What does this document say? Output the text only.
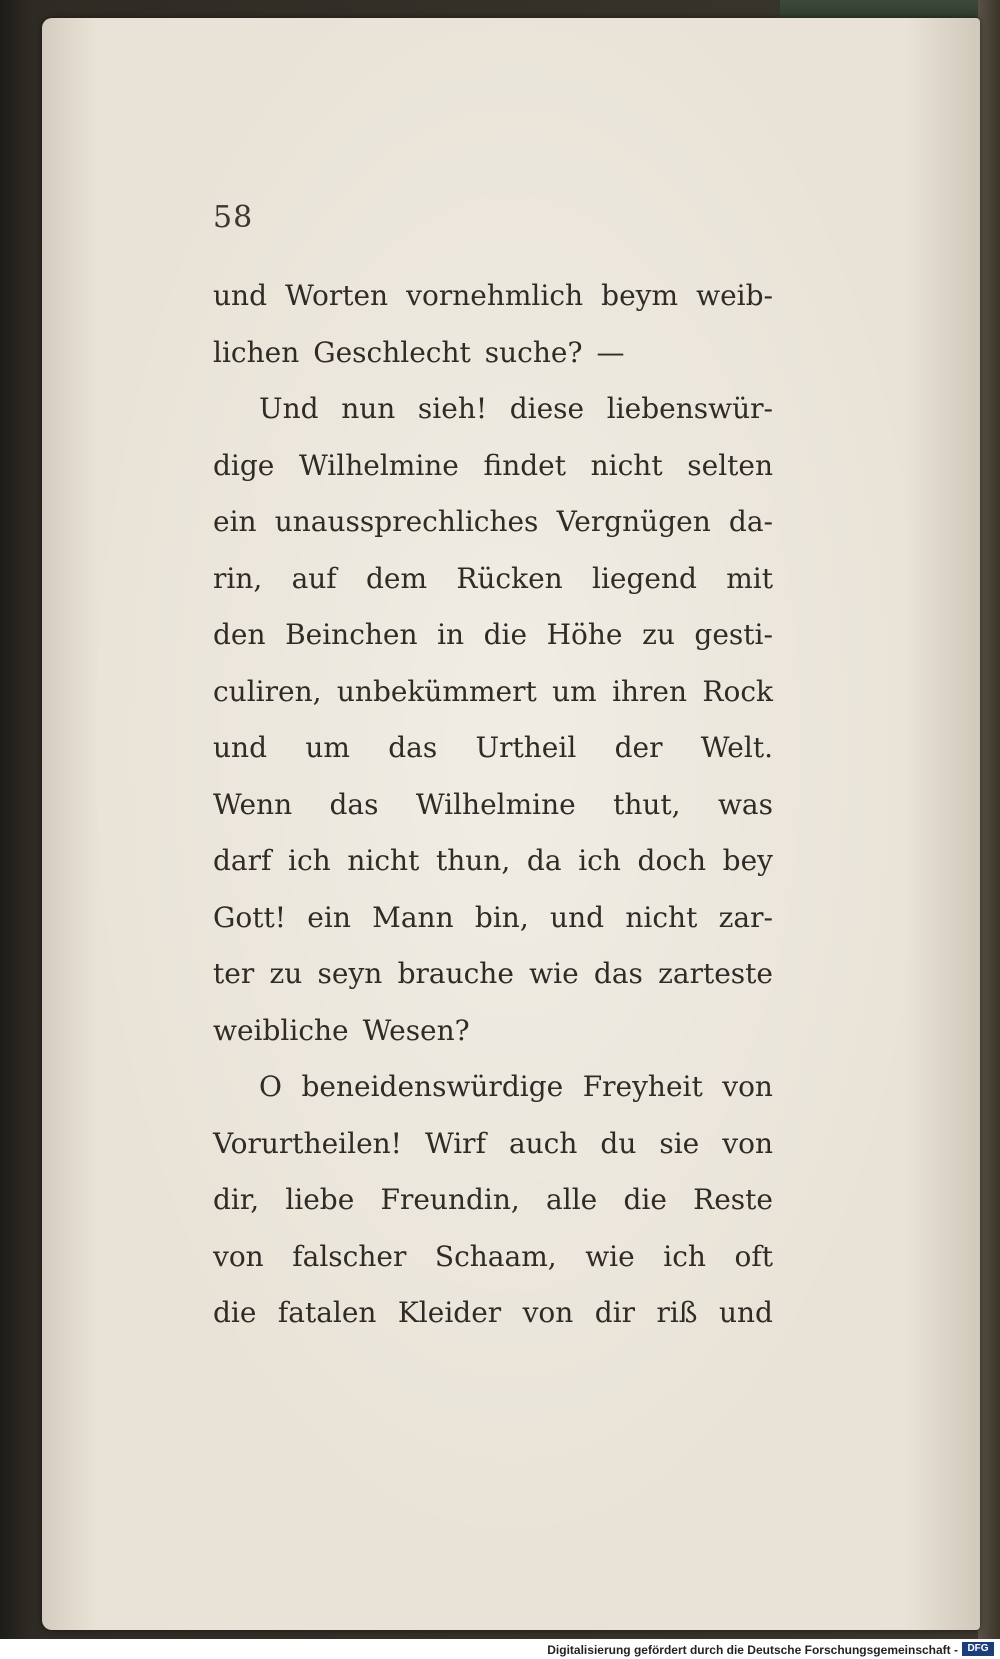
58
und Worten vornehmlich beym weib-
lichen Geschlecht suche? —
Und nun sieh! diese liebenswür-
dige Wilhelmine findet nicht selten
ein unaussprechliches Vergnügen da-
rin, auf dem Rücken liegend mit
den Beinchen in die Höhe zu gesti-
culiren, unbekümmert um ihren Rock
und um das Urtheil der Welt.
Wenn das Wilhelmine thut, was
darf ich nicht thun, da ich doch bey
Gott! ein Mann bin, und nicht zar-
ter zu seyn brauche wie das zarteste
weibliche Wesen?
O beneidenswürdige Freyheit von
Vorurtheilen! Wirf auch du sie von
dir, liebe Freundin, alle die Reste
von falscher Schaam, wie ich oft
die fatalen Kleider von dir riß und
Digitalisierung gefördert durch die Deutsche Forschungsgemeinschaft - DFG
